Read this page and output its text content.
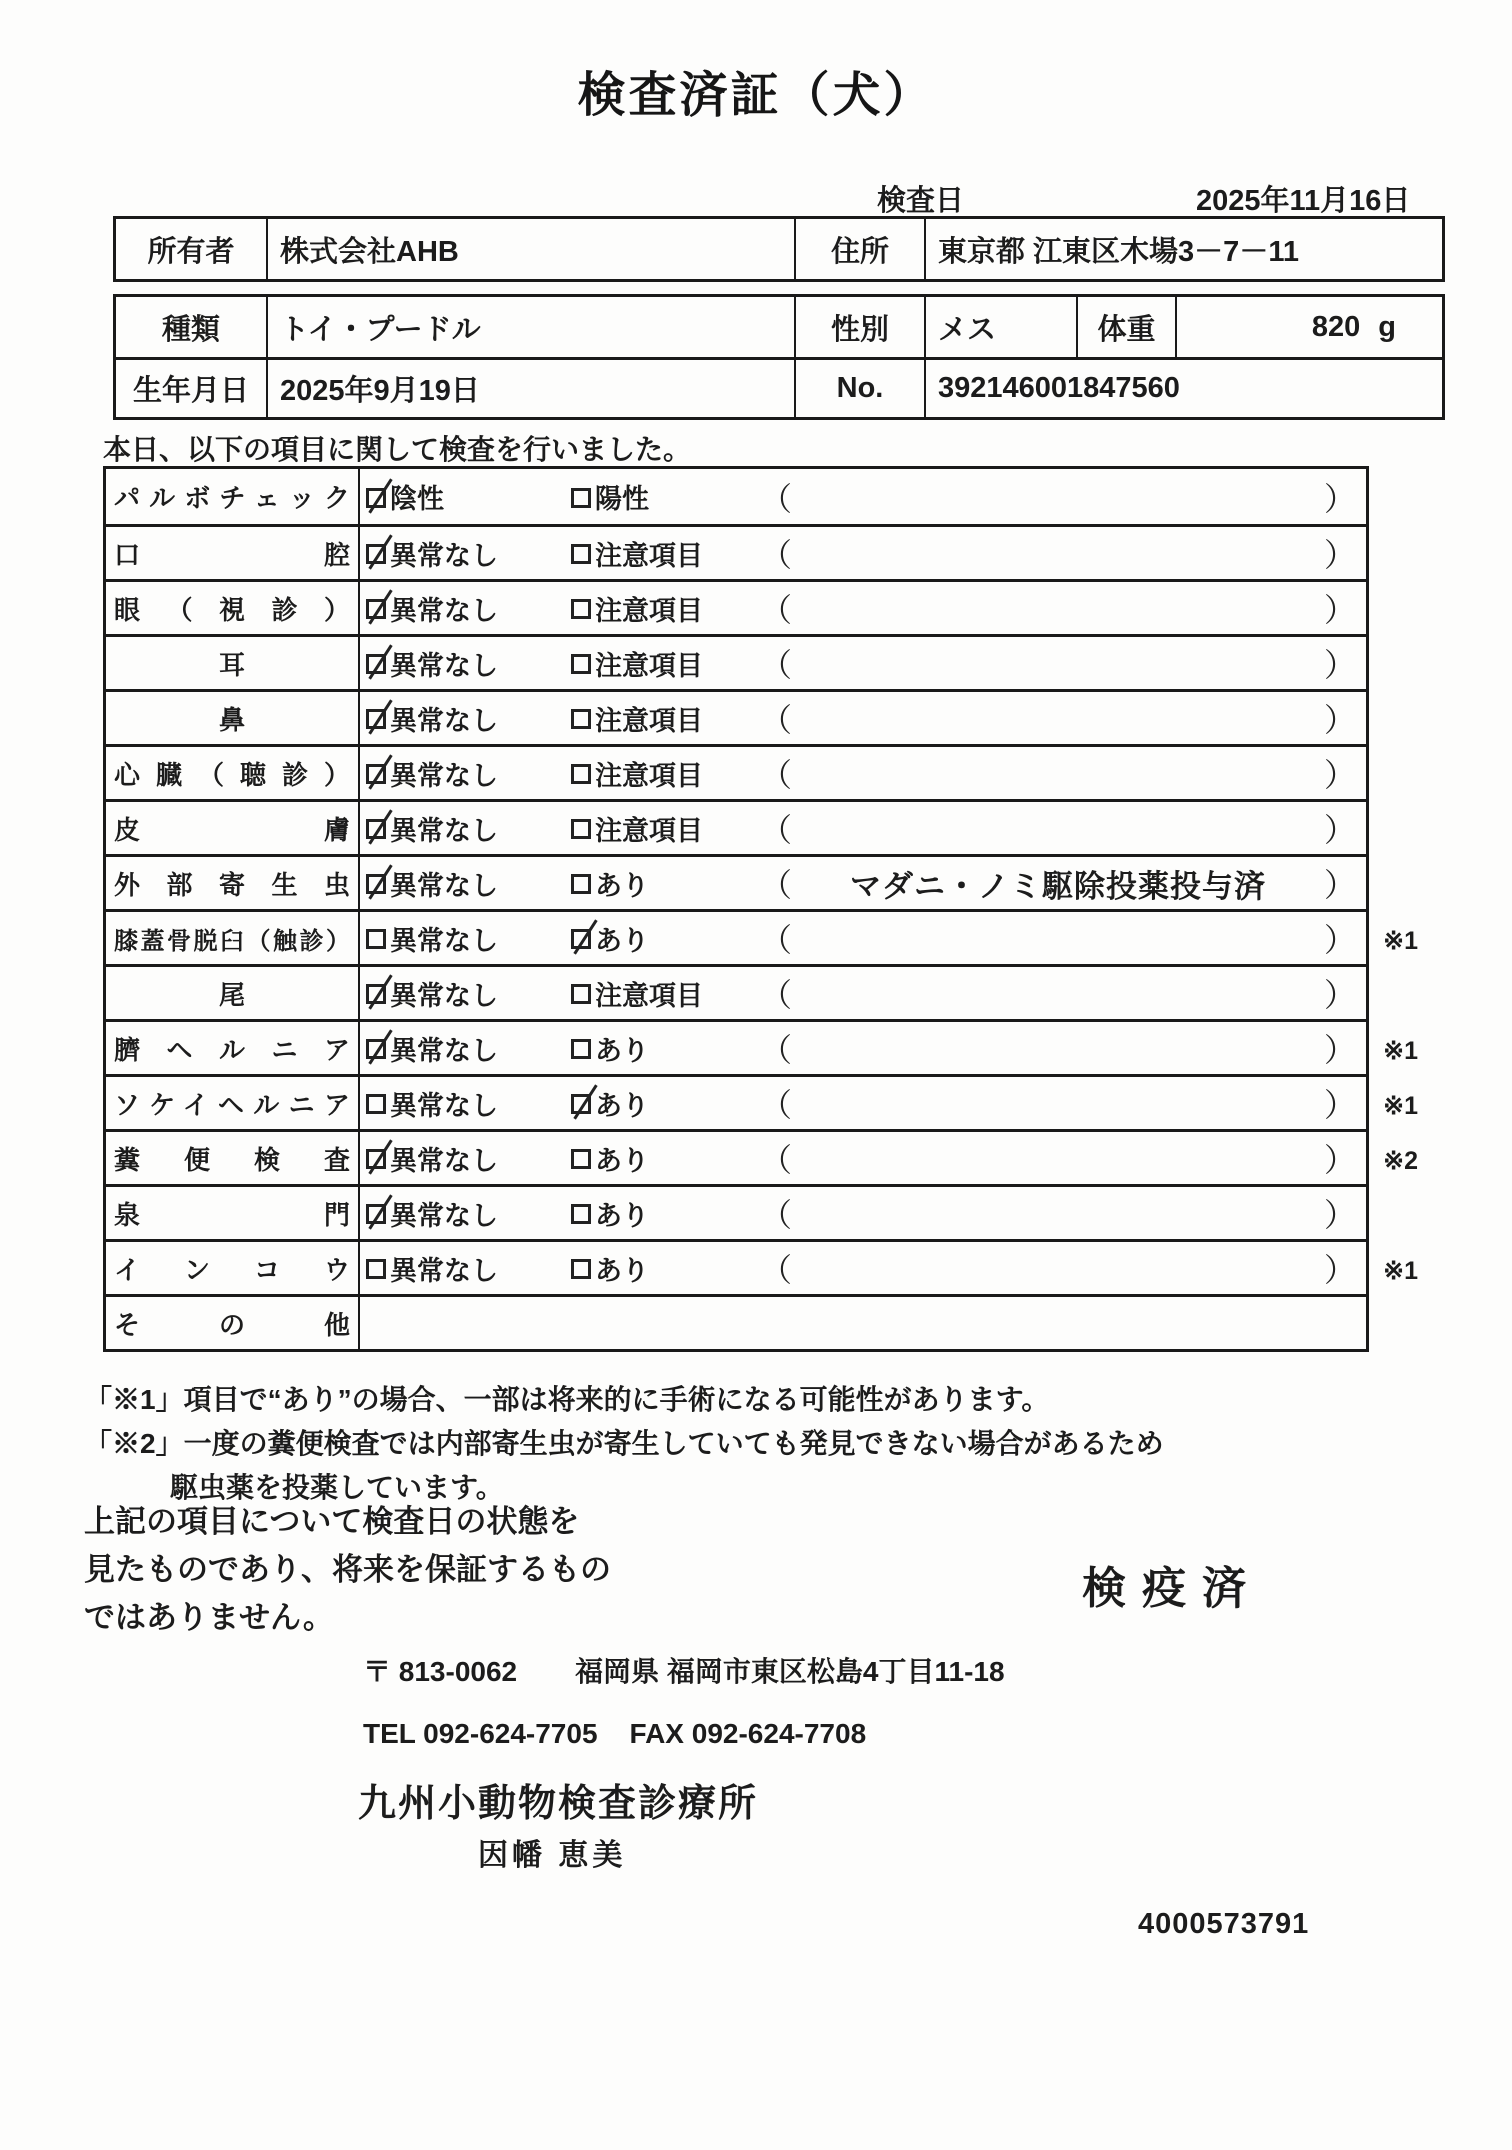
検査済証（犬）
検査日	2025年11月16日
所有者	株式会社AHB	住所	東京都 江東区木場3－7－11
種類	トイ・プードル	性別	メス	体重	820 g
生年月日	2025年9月19日	No.	392146001847560
本日、以下の項目に関して検査を行いました。
パルボチェック 陰性	陽性	（	）
口腔 異常なし	注意項目 （	）
眼（視診） 異常なし	注意項目 （	）
耳	異常なし	注意項目 （	）
鼻	異常なし	注意項目 （	）
心臓（聴診） 異常なし	注意項目 （	）
皮膚 異常なし	注意項目 （	）
外部寄生虫 異常なし	あり	（ マダニ・ノミ駆除投薬投与済 ）
膝蓋骨脱臼（触診） 異常なし	あり	（	） ※1
尾	異常なし	注意項目 （	）
臍ヘルニア 異常なし	あり	（	） ※1
ソケイヘルニア 異常なし	あり	（	） ※1
糞便検査 異常なし	あり	（	） ※2
泉門 異常なし	あり	（	）
インコウ 異常なし	あり	（	） ※1
その他
「※1」項目で“あり”の場合、一部は将来的に手術になる可能性があります。
「※2」一度の糞便検査では内部寄生虫が寄生していても発見できない場合があるため
駆虫薬を投薬しています。
上記の項目について検査日の状態を
見たものであり、将来を保証するもの
ではありません。
検疫済
〒 813-0062 福岡県 福岡市東区松島4丁目11-18
TEL 092-624-7705 FAX 092-624-7708
九州小動物検査診療所
因幡 恵美
4000573791
